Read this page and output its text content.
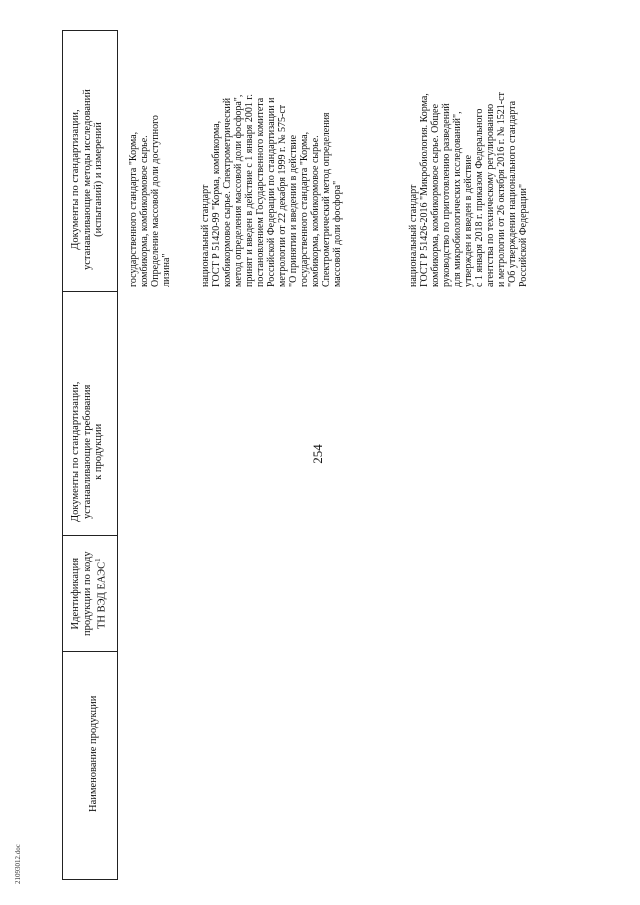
254
Наименование продукции
Идентификация продукции по коду ТН ВЭД ЕАЭС$^1$
Документы по стандартизации, устанавливающие требования к продукции
Документы по стандартизации, устанавливающие методы исследований (испытаний) и измерений государственного стандарта "Корма, комбикорма, комбикормовое сырье. Определение массовой доли доступного лизина"	национальный стандарт ГОСТ Р 51420-99 "Корма, комбикорма, комбикормовое сырье. Спектрометрический метод определения массовой доли фосфора", принят и введен в действие с 1 января 2001 г. постановлением Государственного комитета Российской Федерации по стандартизации и метрологии от 22 декабря 1999 г. № 575-ст "О принятии и введении в действие государственного стандарта "Корма, комбикорма, комбикормовое сырье. Спектрометрический метод определения массовой доли фосфора"	национальный стандарт ГОСТ Р 51426-2016 "Микробиология. Корма, комбикорма, комбикормовое сырье. Общее руководство по приготовлению разведений для микробиологических исследований", утвержден и введен в действие с 1 января 2018 г. приказом Федерального агентства по техническому регулированию и метрологии от 26 октября 2016 г. № 1521-ст "Об утверждении национального стандарта Российской Федерации"
21093012.doc
